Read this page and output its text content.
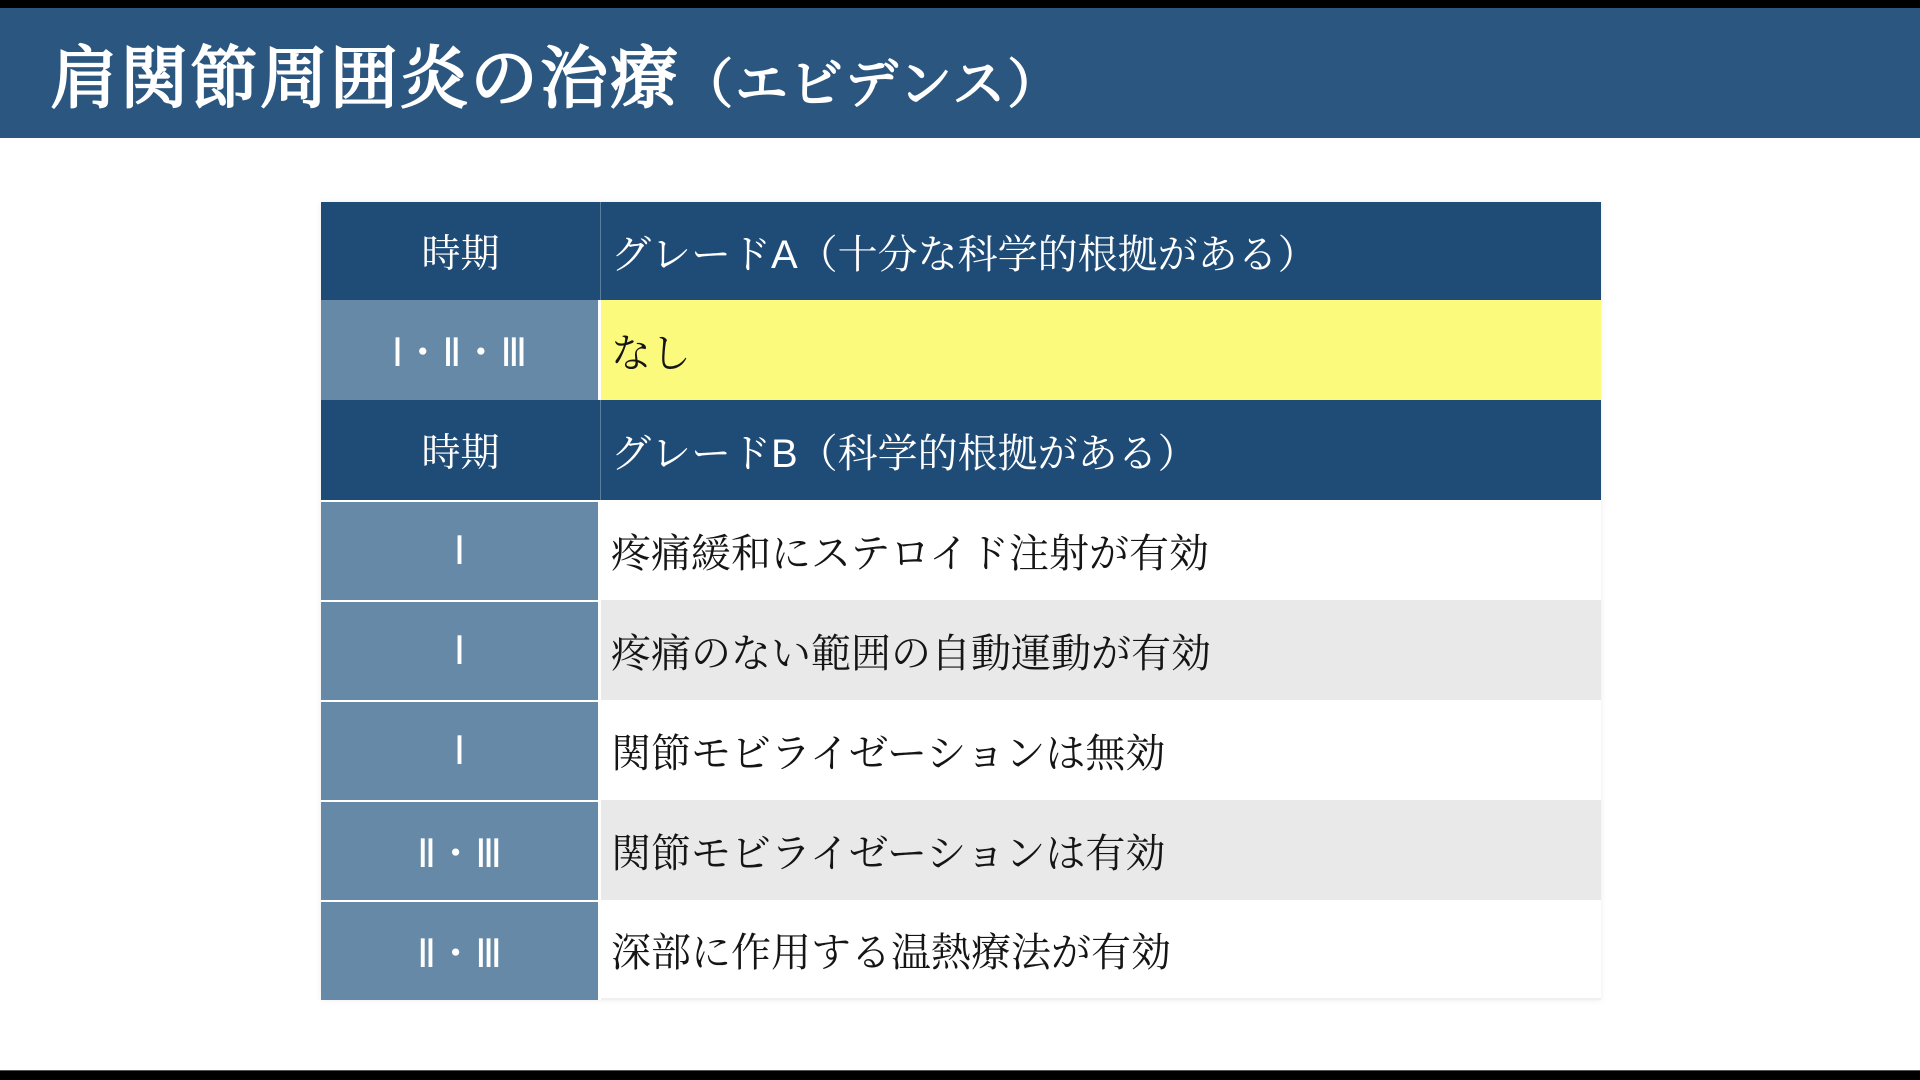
肩関節周囲炎の治療（エビデンス）
時期	グレードA（十分な科学的根拠がある）
Ⅰ・Ⅱ・Ⅲ	なし
時期	グレードB（科学的根拠がある）
Ⅰ	疼痛緩和にステロイド注射が有効
Ⅰ	疼痛のない範囲の自動運動が有効
Ⅰ	関節モビライゼーションは無効
Ⅱ・Ⅲ	関節モビライゼーションは有効
Ⅱ・Ⅲ	深部に作用する温熱療法が有効
